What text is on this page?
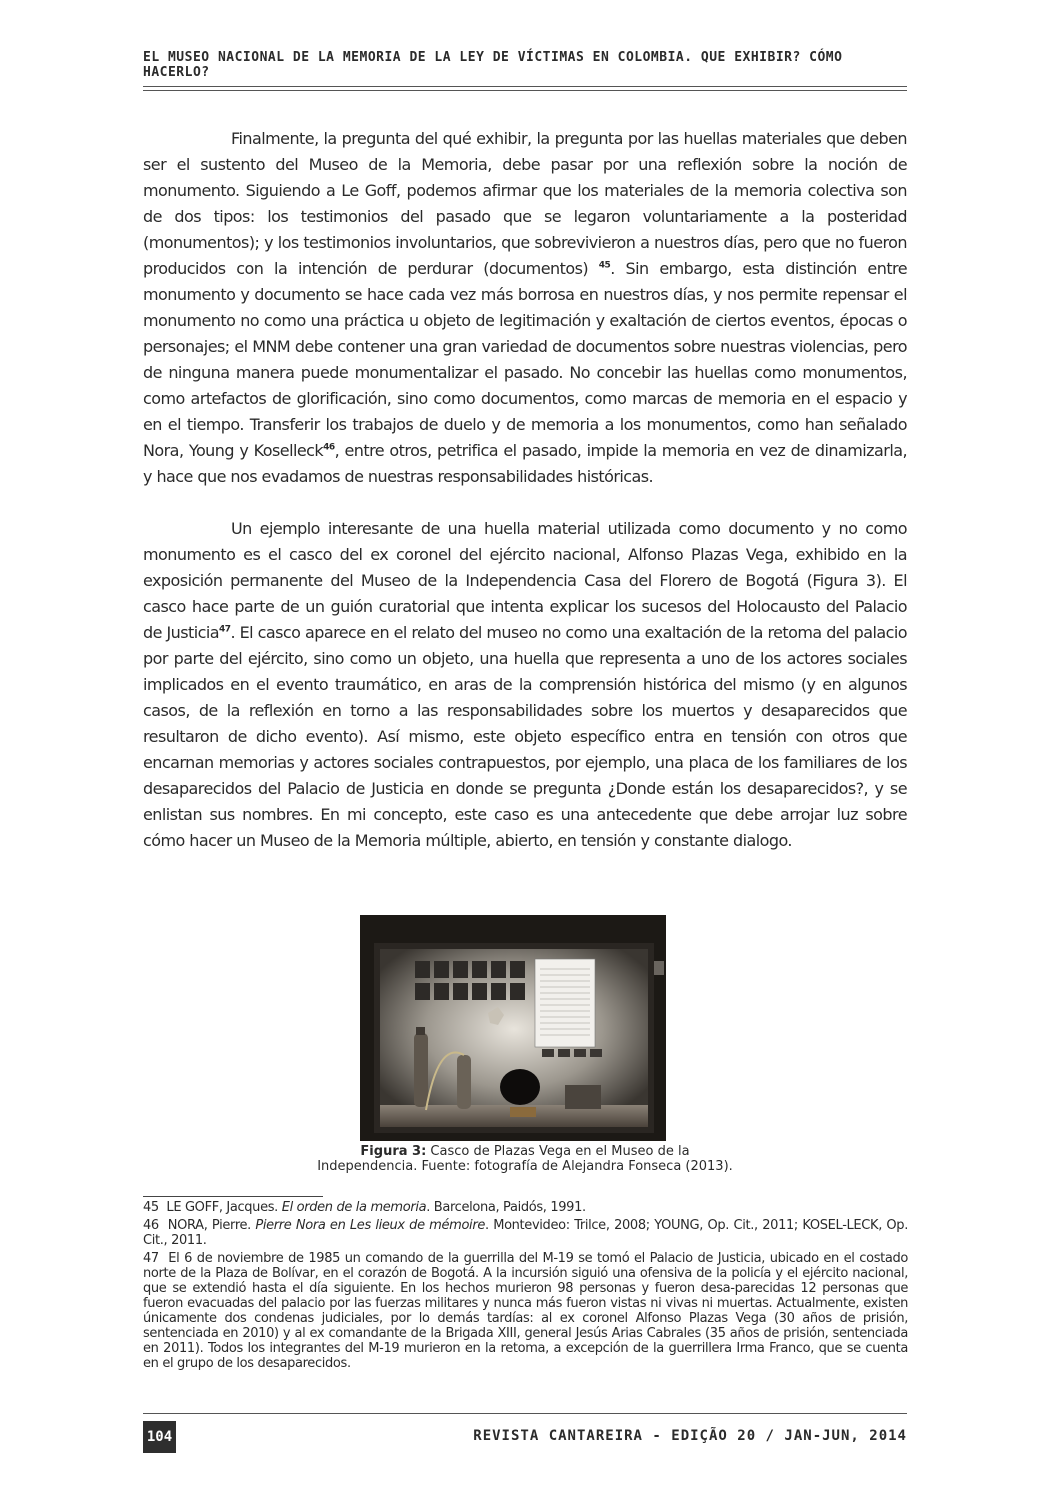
EL MUSEO NACIONAL DE LA MEMORIA DE LA LEY DE VÍCTIMAS EN COLOMBIA. QUE EXHIBIR? CÓMO HACERLO?

Finalmente, la pregunta del qué exhibir, la pregunta por las huellas materiales que deben ser el sustento del Museo de la Memoria, debe pasar por una reflexión sobre la noción de monumento. Siguiendo a Le Goff, podemos afirmar que los materiales de la memoria colectiva son de dos tipos: los testimonios del pasado que se legaron voluntariamente a la posteridad (monumentos); y los testimonios involuntarios, que sobrevivieron a nuestros días, pero que no fueron producidos con la intención de perdurar (documentos) $^{45}$. Sin embargo, esta distinción entre monumento y documento se hace cada vez más borrosa en nuestros días, y nos permite repensar el monumento no como una práctica u objeto de legitimación y exaltación de ciertos eventos, épocas o personajes; el MNM debe contener una gran variedad de documentos sobre nuestras violencias, pero de ninguna manera puede monumentalizar el pasado. No concebir las huellas como monumentos, como artefactos de glorificación, sino como documentos, como marcas de memoria en el espacio y en el tiempo. Transferir los trabajos de duelo y de memoria a los monumentos, como han señalado Nora, Young y Koselleck$^{46}$, entre otros, petrifica el pasado, impide la memoria en vez de dinamizarla, y hace que nos evadamos de nuestras responsabilidades históricas.

Un ejemplo interesante de una huella material utilizada como documento y no como monumento es el casco del ex coronel del ejército nacional, Alfonso Plazas Vega, exhibido en la exposición permanente del Museo de la Independencia Casa del Florero de Bogotá (Figura 3). El casco hace parte de un guión curatorial que intenta explicar los sucesos del Holocausto del Palacio de Justicia$^{47}$. El casco aparece en el relato del museo no como una exaltación de la retoma del palacio por parte del ejército, sino como un objeto, una huella que representa a uno de los actores sociales implicados en el evento traumático, en aras de la comprensión histórica del mismo (y en algunos casos, de la reflexión en torno a las responsabilidades sobre los muertos y desaparecidos que resultaron de dicho evento). Así mismo, este objeto específico entra en tensión con otros que encarnan memorias y actores sociales contrapuestos, por ejemplo, una placa de los familiares de los desaparecidos del Palacio de Justicia en donde se pregunta ¿Donde están los desaparecidos?, y se enlistan sus nombres. En mi concepto, este caso es una antecedente que debe arrojar luz sobre cómo hacer un Museo de la Memoria múltiple, abierto, en tensión y constante dialogo.

Figura 3: Casco de Plazas Vega en el Museo de la
Independencia. Fuente: fotografía de Alejandra Fonseca (2013).

45 LE GOFF, Jacques. El orden de la memoria. Barcelona, Paidós, 1991.

46 NORA, Pierre. Pierre Nora en Les lieux de mémoire. Montevideo: Trilce, 2008; YOUNG, Op. Cit., 2011; KOSEL-LECK, Op. Cit., 2011.

47 El 6 de noviembre de 1985 un comando de la guerrilla del M-19 se tomó el Palacio de Justicia, ubicado en el costado norte de la Plaza de Bolívar, en el corazón de Bogotá. A la incursión siguió una ofensiva de la policía y el ejército nacional, que se extendió hasta el día siguiente. En los hechos murieron 98 personas y fueron desa-parecidas 12 personas que fueron evacuadas del palacio por las fuerzas militares y nunca más fueron vistas ni vivas ni muertas. Actualmente, existen únicamente dos condenas judiciales, por lo demás tardías: al ex coronel Alfonso Plazas Vega (30 años de prisión, sentenciada en 2010) y al ex comandante de la Brigada XIII, general Jesús Arias Cabrales (35 años de prisión, sentenciada en 2011). Todos los integrantes del M-19 murieron en la retoma, a excepción de la guerrillera Irma Franco, que se cuenta en el grupo de los desaparecidos.

104	REVISTA CANTAREIRA - EDIÇÃO 20 / JAN-JUN, 2014
